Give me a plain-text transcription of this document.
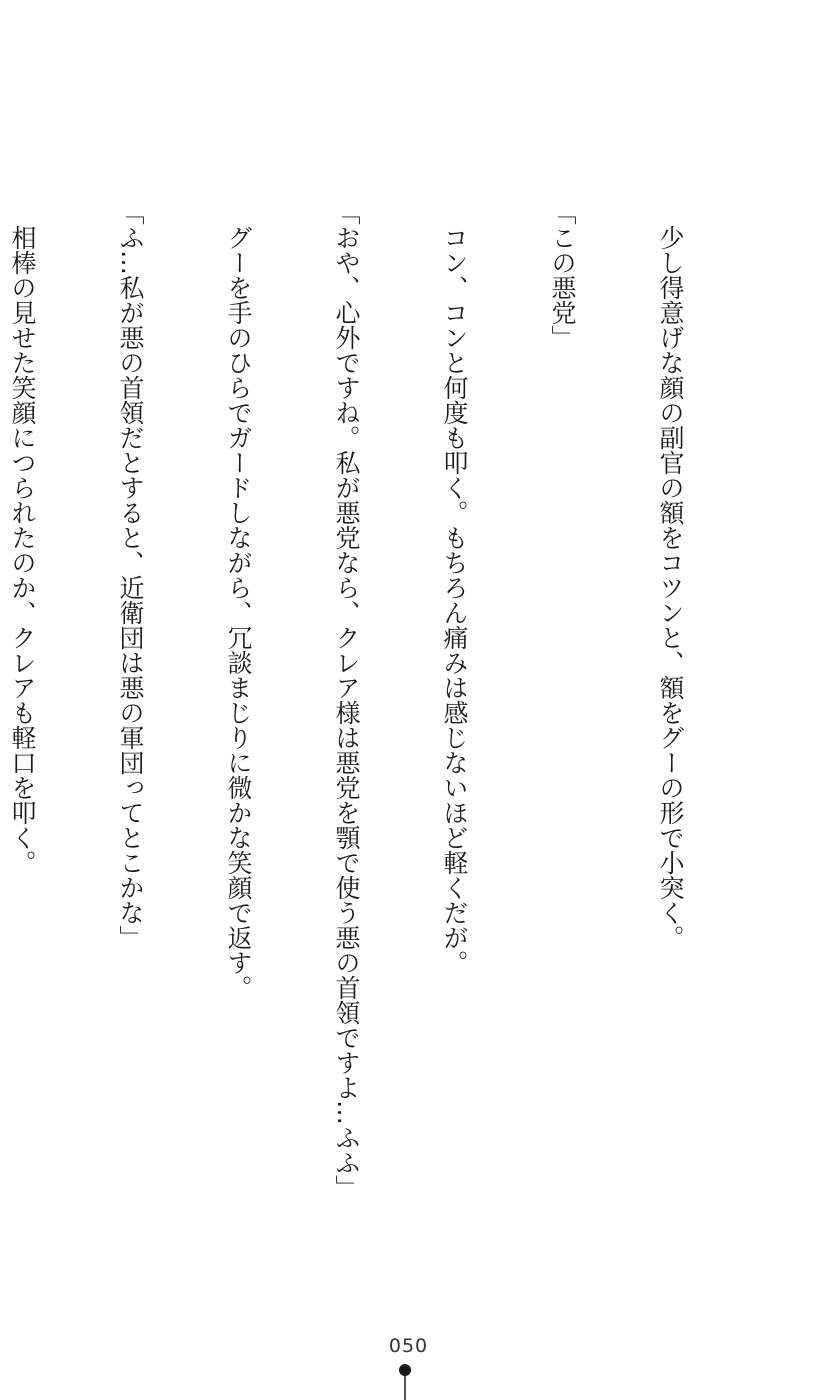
　少し得意げな顔の副官の額をコツンと、額をグーの形で小突く。

「この悪党」

　コン、コンと何度も叩く。もちろん痛みは感じないほど軽くだが。

「おや、心外ですね。私が悪党なら、クレア様は悪党を顎で使う悪の首領ですよ…ふふ」

　グーを手のひらでガードしながら、冗談まじりに微かな笑顔で返す。

「ふ…私が悪の首領だとすると、近衛団は悪の軍団ってとこかな」

　相棒の見せた笑顔につられたのか、クレアも軽口を叩く。

050
